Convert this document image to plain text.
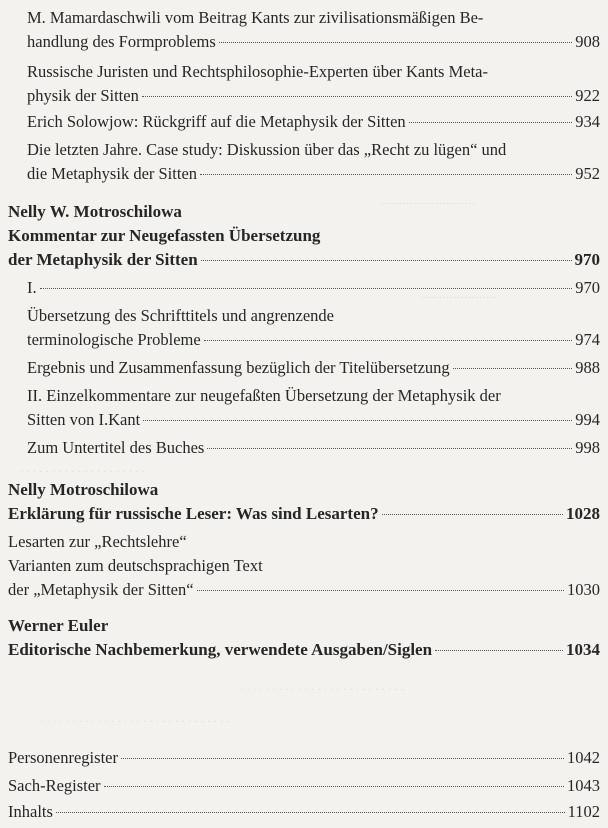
··························
·····················
· · · · · · · · · · · · · · · · · · · ·
· · · · · · · · · · · · · · · · · · · · · · · · · ·
· · · · · · · · · · · · · · · · · · · · · · · · · · · · · ·
M. Mamardaschwili vom Beitrag Kants zur zivilisationsmäßigen Be-
handlung des Formproblems	908
Russische Juristen und Rechtsphilosophie-Experten über Kants Meta-
physik der Sitten	922
Erich Solowjow: Rückgriff auf die Metaphysik der Sitten	934
Die letzten Jahre. Case study: Diskussion über das „Recht zu lügen“ und
die Metaphysik der Sitten	952
Nelly W. Motroschilowa
Kommentar zur Neugefassten Übersetzung
der Metaphysik der Sitten	970
I.	970
Übersetzung des Schrifttitels und angrenzende
terminologische Probleme	974
Ergebnis und Zusammenfassung bezüglich der Titelübersetzung	988
II. Einzelkommentare zur neugefaßten Übersetzung der Metaphysik der
Sitten von I.Kant	994
Zum Untertitel des Buches	998
Nelly Motroschilowa
Erklärung für russische Leser: Was sind Lesarten?	1028
Lesarten zur „Rechtslehre“
Varianten zum deutschsprachigen Text
der „Metaphysik der Sitten“	1030
Werner Euler
Editorische Nachbemerkung, verwendete Ausgaben/Siglen	1034
Personenregister	1042
Sach-Register	1043
Inhalts	1102
